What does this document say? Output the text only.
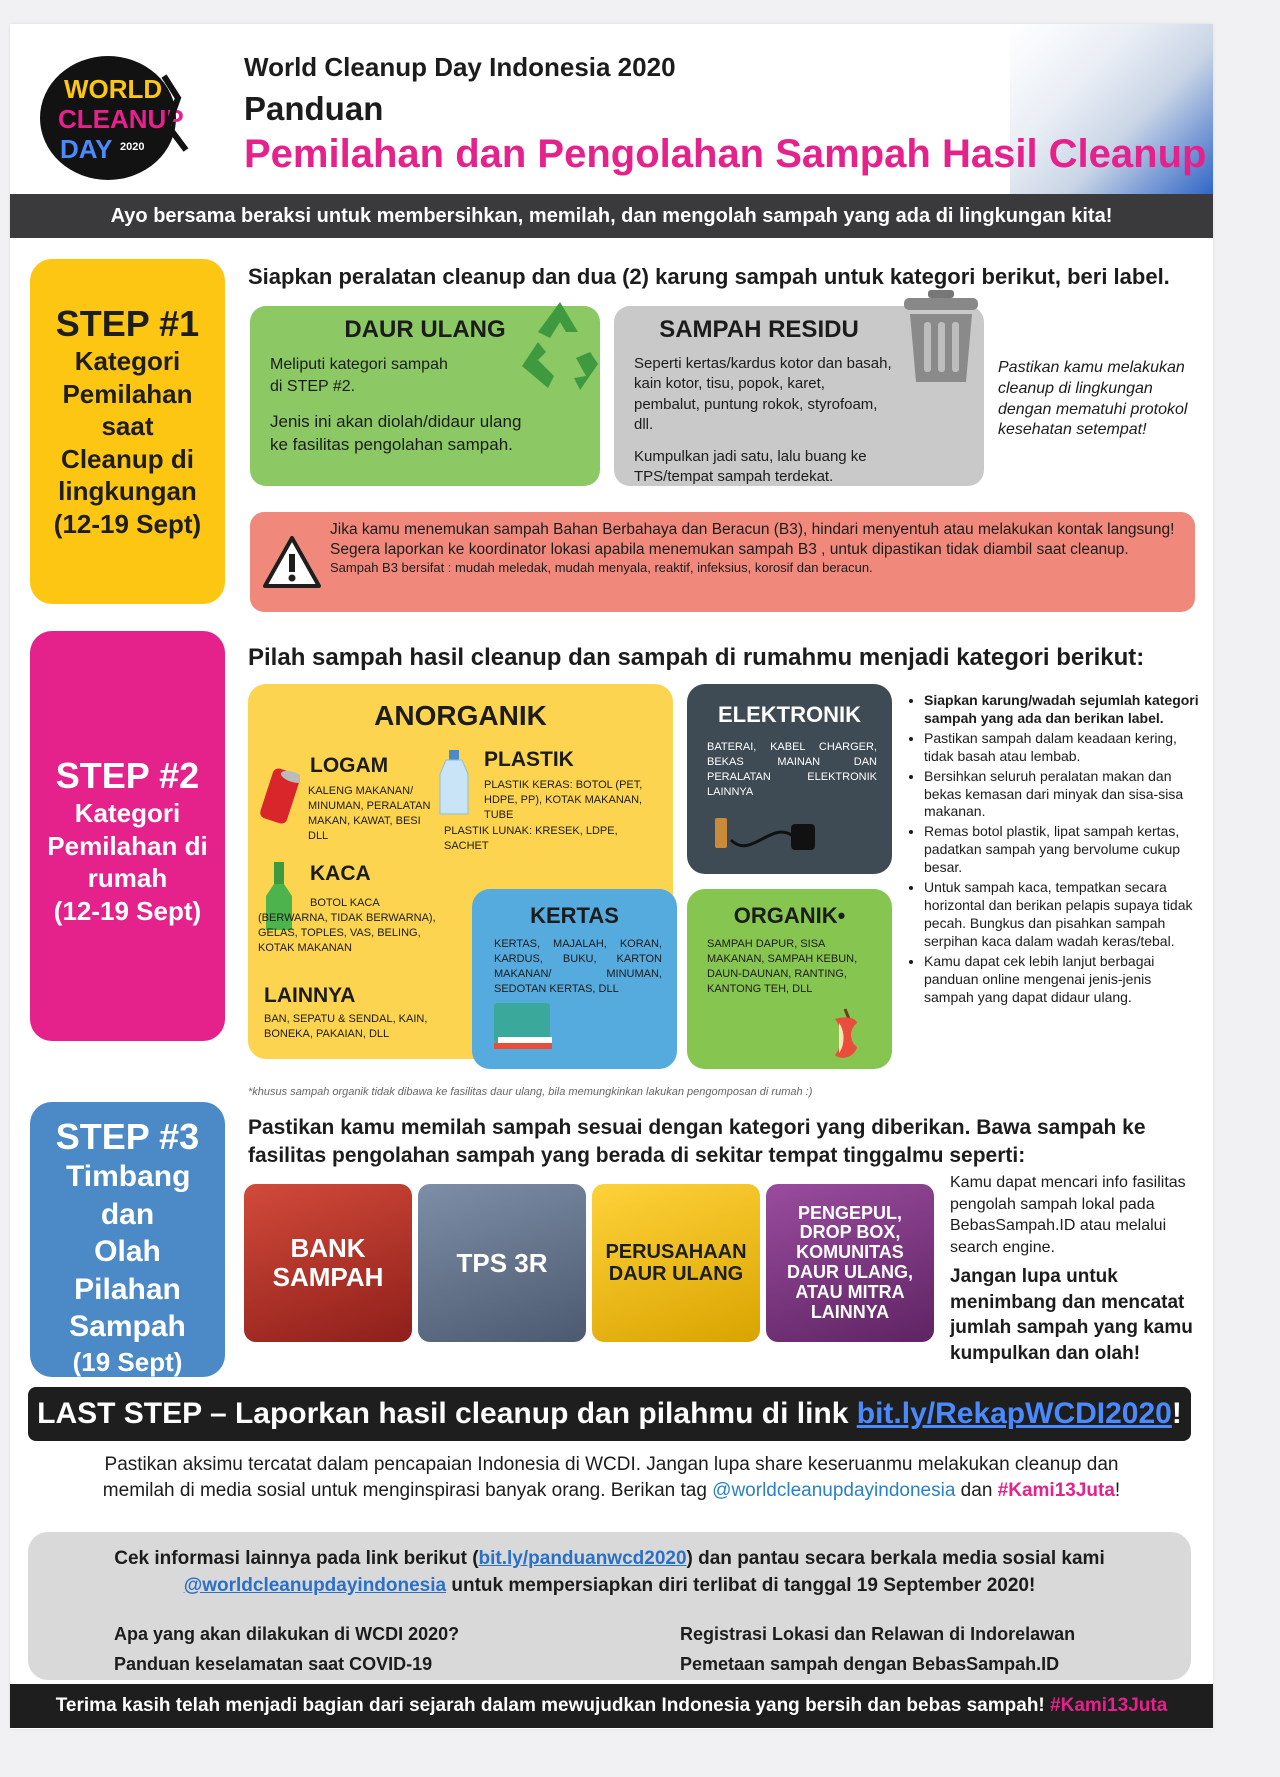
WORLD
CLEANUP
DAY 2020
World Cleanup Day Indonesia 2020
Panduan
Pemilahan dan Pengolahan Sampah Hasil Cleanup
Ayo bersama beraksi untuk membersihkan, memilah, dan mengolah sampah yang ada di lingkungan kita!
STEP #1
Kategori Pemilahan saat Cleanup di lingkungan
(12-19 Sept)
Siapkan peralatan cleanup dan dua (2) karung sampah untuk kategori berikut, beri label.
DAUR ULANG

Meliputi kategori sampah di STEP #2.

Jenis ini akan diolah/didaur ulang ke fasilitas pengolahan sampah.

SAMPAH RESIDU

Seperti kertas/kardus kotor dan basah, kain kotor, tisu, popok, karet, pembalut, puntung rokok, styrofoam, dll.

Kumpulkan jadi satu, lalu buang ke TPS/tempat sampah terdekat.

Pastikan kamu melakukan cleanup di lingkungan dengan mematuhi protokol kesehatan setempat!
Jika kamu menemukan sampah Bahan Berbahaya dan Beracun (B3), hindari menyentuh atau melakukan kontak langsung! Segera laporkan ke koordinator lokasi apabila menemukan sampah B3 , untuk dipastikan tidak diambil saat cleanup.
Sampah B3 bersifat : mudah meledak, mudah menyala, reaktif, infeksius, korosif dan beracun.
STEP #2
Kategori Pemilahan di rumah
(12-19 Sept)
Pilah sampah hasil cleanup dan sampah di rumahmu menjadi kategori berikut:
ANORGANIK
LOGAM
KALENG MAKANAN/ MINUMAN, PERALATAN MAKAN, KAWAT, BESI DLL
PLASTIK
PLASTIK KERAS: BOTOL (PET, HDPE, PP), KOTAK MAKANAN, TUBE
PLASTIK LUNAK: KRESEK, LDPE, SACHET
KACA
BOTOL KACA (BERWARNA, TIDAK BERWARNA), GELAS, TOPLES, VAS, BELING, KOTAK MAKANAN
LAINNYA
BAN, SEPATU & SENDAL, KAIN, BONEKA, PAKAIAN, DLL
ELEKTRONIK
BATERAI, KABEL CHARGER, BEKAS MAINAN DAN PERALATAN ELEKTRONIK LAINNYA
KERTAS
KERTAS, MAJALAH, KORAN, KARDUS, BUKU, KARTON MAKANAN/ MINUMAN, SEDOTAN KERTAS, DLL
ORGANIK•
SAMPAH DAPUR, SISA MAKANAN, SAMPAH KEBUN, DAUN-DAUNAN, RANTING, KANTONG TEH, DLL
• Siapkan karung/wadah sejumlah kategori sampah yang ada dan berikan label.
• Pastikan sampah dalam keadaan kering, tidak basah atau lembab.
• Bersihkan seluruh peralatan makan dan bekas kemasan dari minyak dan sisa-sisa makanan.
• Remas botol plastik, lipat sampah kertas, padatkan sampah yang bervolume cukup besar.
• Untuk sampah kaca, tempatkan secara horizontal dan berikan pelapis supaya tidak pecah. Bungkus dan pisahkan sampah serpihan kaca dalam wadah keras/tebal.
• Kamu dapat cek lebih lanjut berbagai panduan online mengenai jenis-jenis sampah yang dapat didaur ulang.
*khusus sampah organik tidak dibawa ke fasilitas daur ulang, bila memungkinkan lakukan pengomposan di rumah :)
STEP #3
Timbang dan Olah Pilahan Sampah
(19 Sept)
Pastikan kamu memilah sampah sesuai dengan kategori yang diberikan. Bawa sampah ke fasilitas pengolahan sampah yang berada di sekitar tempat tinggalmu seperti:
BANK SAMPAH	TPS 3R	PERUSAHAAN DAUR ULANG
PENGEPUL, DROP BOX, KOMUNITAS DAUR ULANG, ATAU MITRA LAINNYA
Kamu dapat mencari info fasilitas pengolah sampah lokal pada BebasSampah.ID atau melalui search engine.
Jangan lupa untuk menimbang dan mencatat jumlah sampah yang kamu kumpulkan dan olah!
LAST STEP – Laporkan hasil cleanup dan pilahmu di link bit.ly/RekapWCDI2020!
Pastikan aksimu tercatat dalam pencapaian Indonesia di WCDI. Jangan lupa share keseruanmu melakukan cleanup dan
memilah di media sosial untuk menginspirasi banyak orang. Berikan tag @worldcleanupdayindonesia dan #Kami13Juta!
Cek informasi lainnya pada link berikut (bit.ly/panduanwcd2020) dan pantau secara berkala media sosial kami
@worldcleanupdayindonesia untuk mempersiapkan diri terlibat di tanggal 19 September 2020!
Apa yang akan dilakukan di WCDI 2020?	Registrasi Lokasi dan Relawan di Indorelawan
Panduan keselamatan saat COVID-19	Pemetaan sampah dengan BebasSampah.ID
Terima kasih telah menjadi bagian dari sejarah dalam mewujudkan Indonesia yang bersih dan bebas sampah! #Kami13Juta
